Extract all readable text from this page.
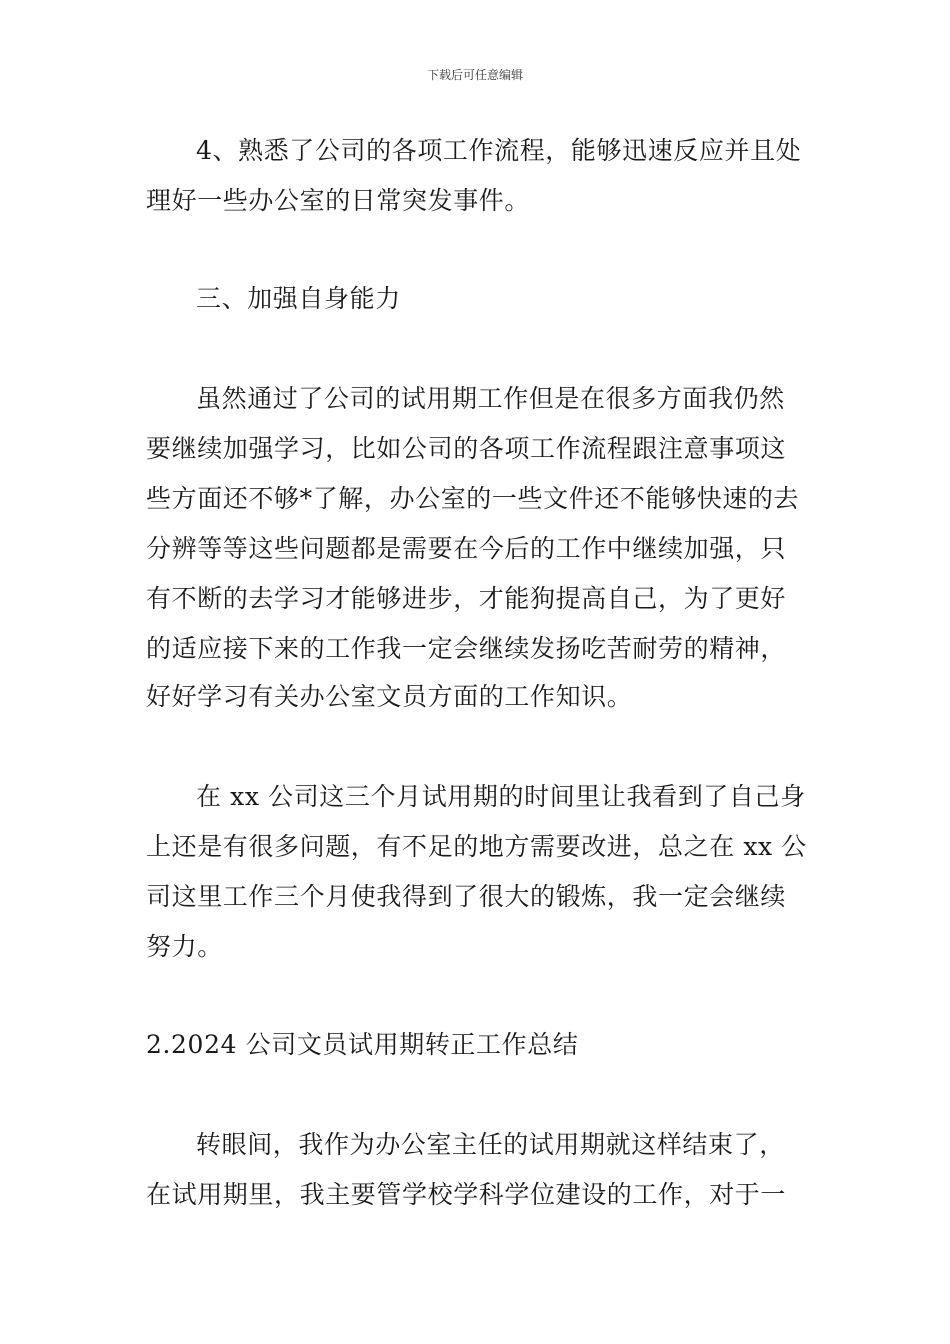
下载后可任意编辑
4、熟悉了公司的各项工作流程，能够迅速反应并且处
理好一些办公室的日常突发事件。
三、加强自身能力
虽然通过了公司的试用期工作但是在很多方面我仍然
要继续加强学习，比如公司的各项工作流程跟注意事项这
些方面还不够*了解，办公室的一些文件还不能够快速的去
分辨等等这些问题都是需要在今后的工作中继续加强，只
有不断的去学习才能够进步，才能狗提高自己，为了更好
的适应接下来的工作我一定会继续发扬吃苦耐劳的精神，
好好学习有关办公室文员方面的工作知识。
在 xx 公司这三个月试用期的时间里让我看到了自己身
上还是有很多问题，有不足的地方需要改进，总之在 xx 公
司这里工作三个月使我得到了很大的锻炼，我一定会继续
努力。
2.2024 公司文员试用期转正工作总结
转眼间，我作为办公室主任的试用期就这样结束了，
在试用期里，我主要管学校学科学位建设的工作，对于一
